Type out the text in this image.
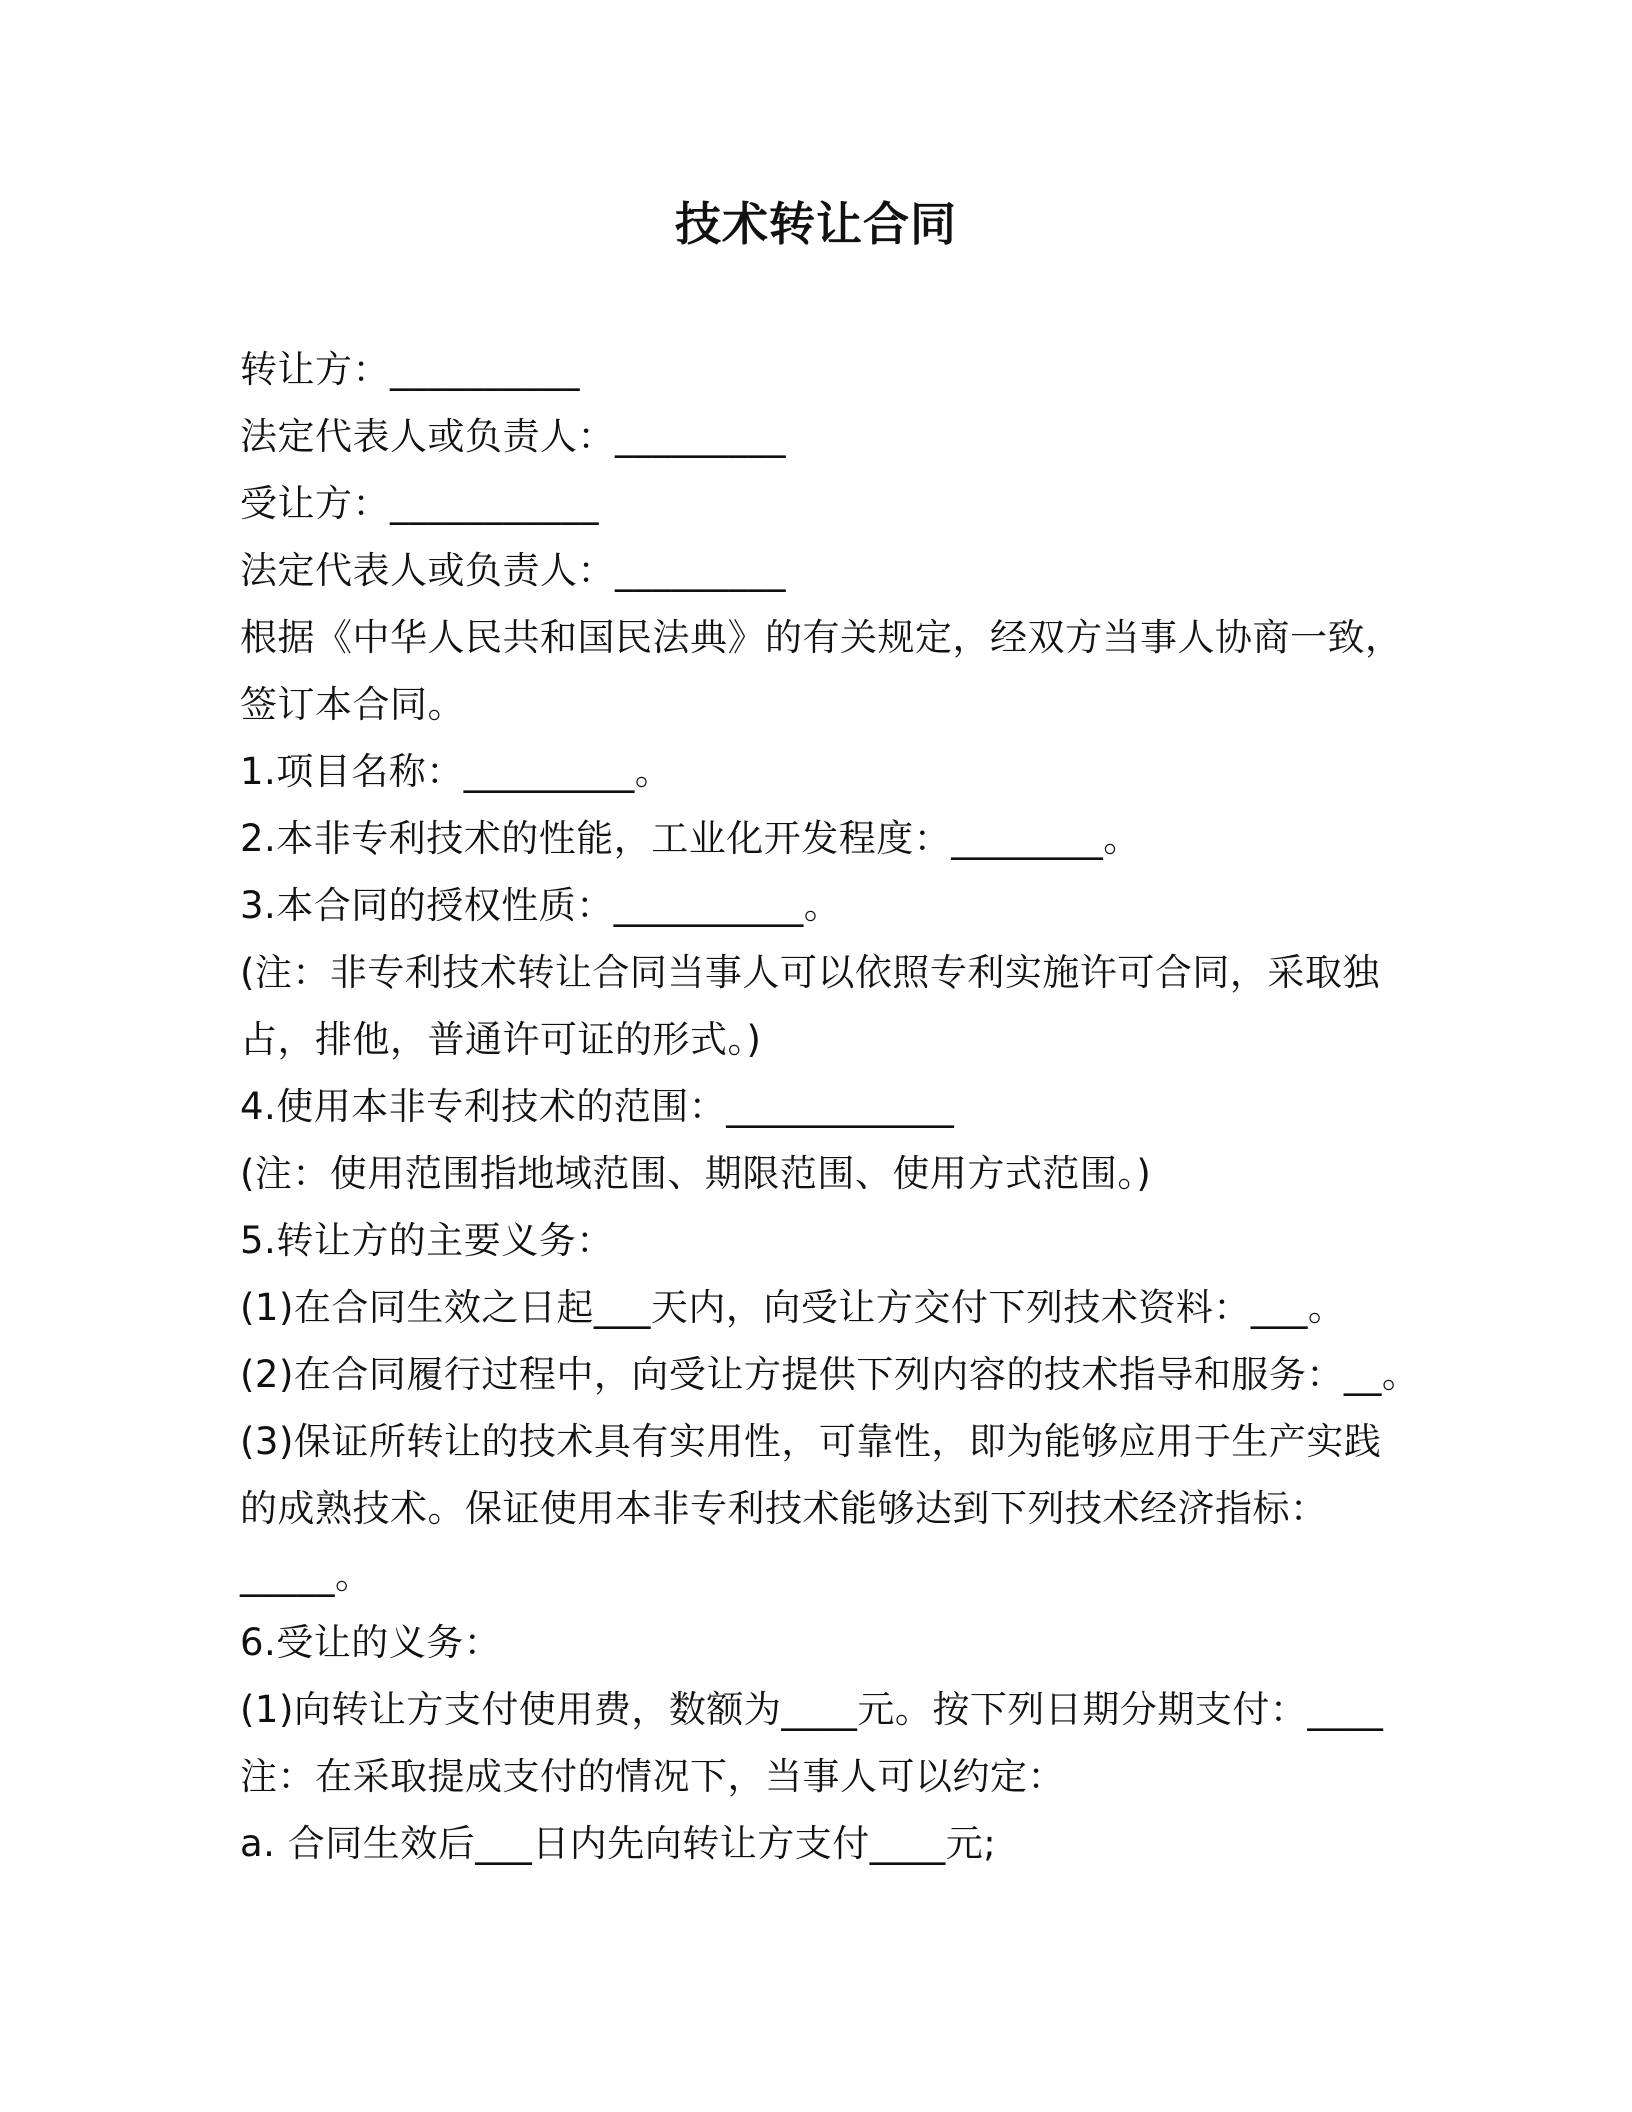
技术转让合同
转让方：__________
法定代表人或负责人：_________
受让方：___________
法定代表人或负责人：_________
根据《中华人民共和国民法典》的有关规定，经双方当事人协商一致，
签订本合同。
1.项目名称：_________。
2.本非专利技术的性能，工业化开发程度：________。
3.本合同的授权性质：__________。
(注：非专利技术转让合同当事人可以依照专利实施许可合同，采取独
占，排他，普通许可证的形式。)
4.使用本非专利技术的范围：____________
(注：使用范围指地域范围、期限范围、使用方式范围。)
5.转让方的主要义务：
(1)在合同生效之日起___天内，向受让方交付下列技术资料：___。
(2)在合同履行过程中，向受让方提供下列内容的技术指导和服务：__。
(3)保证所转让的技术具有实用性，可靠性，即为能够应用于生产实践
的成熟技术。保证使用本非专利技术能够达到下列技术经济指标：
_____。
6.受让的义务：
(1)向转让方支付使用费，数额为____元。按下列日期分期支付：____
注：在采取提成支付的情况下，当事人可以约定：
a. 合同生效后___日内先向转让方支付____元;
